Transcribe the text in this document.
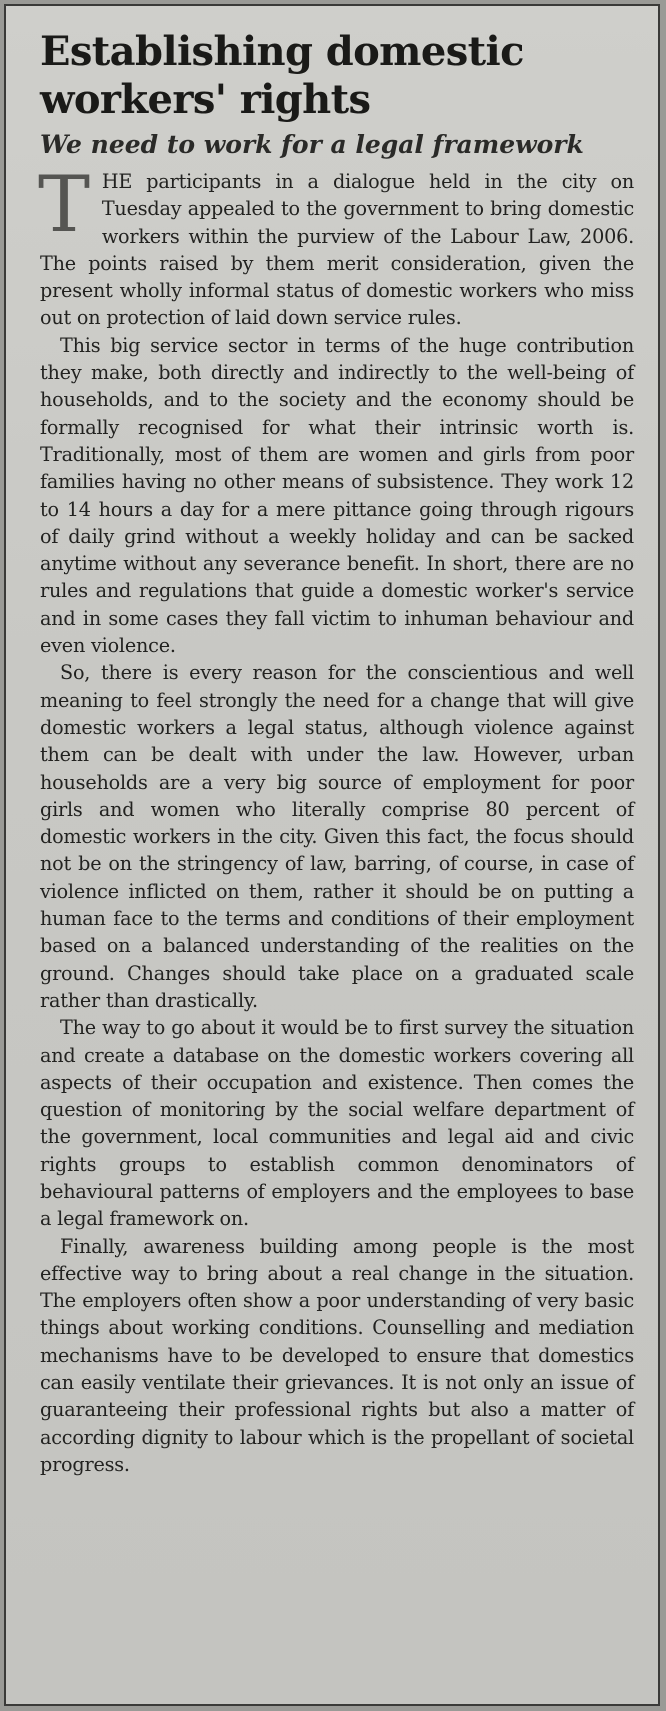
Establishing domestic workers' rights
We need to work for a legal framework

THE participants in a dialogue held in the city on Tuesday appealed to the government to bring domestic workers within the purview of the Labour Law, 2006. The points raised by them merit consideration, given the present wholly informal status of domestic workers who miss out on protection of laid down service rules.

This big service sector in terms of the huge contribution they make, both directly and indirectly to the well-being of households, and to the society and the economy should be formally recognised for what their intrinsic worth is. Traditionally, most of them are women and girls from poor families having no other means of subsistence. They work 12 to 14 hours a day for a mere pittance going through rigours of daily grind without a weekly holiday and can be sacked anytime without any severance benefit. In short, there are no rules and regulations that guide a domestic worker's service and in some cases they fall victim to inhuman behaviour and even violence.

So, there is every reason for the conscientious and well meaning to feel strongly the need for a change that will give domestic workers a legal status, although violence against them can be dealt with under the law. However, urban households are a very big source of employment for poor girls and women who literally comprise 80 percent of domestic workers in the city. Given this fact, the focus should not be on the stringency of law, barring, of course, in case of violence inflicted on them, rather it should be on putting a human face to the terms and conditions of their employment based on a balanced understanding of the realities on the ground. Changes should take place on a graduated scale rather than drastically.

The way to go about it would be to first survey the situation and create a database on the domestic workers covering all aspects of their occupation and existence. Then comes the question of monitoring by the social welfare department of the government, local communities and legal aid and civic rights groups to establish common denominators of behavioural patterns of employers and the employees to base a legal framework on.

Finally, awareness building among people is the most effective way to bring about a real change in the situation. The employers often show a poor understanding of very basic things about working conditions. Counselling and mediation mechanisms have to be developed to ensure that domestics can easily ventilate their grievances. It is not only an issue of guaranteeing their professional rights but also a matter of according dignity to labour which is the propellant of societal progress.
